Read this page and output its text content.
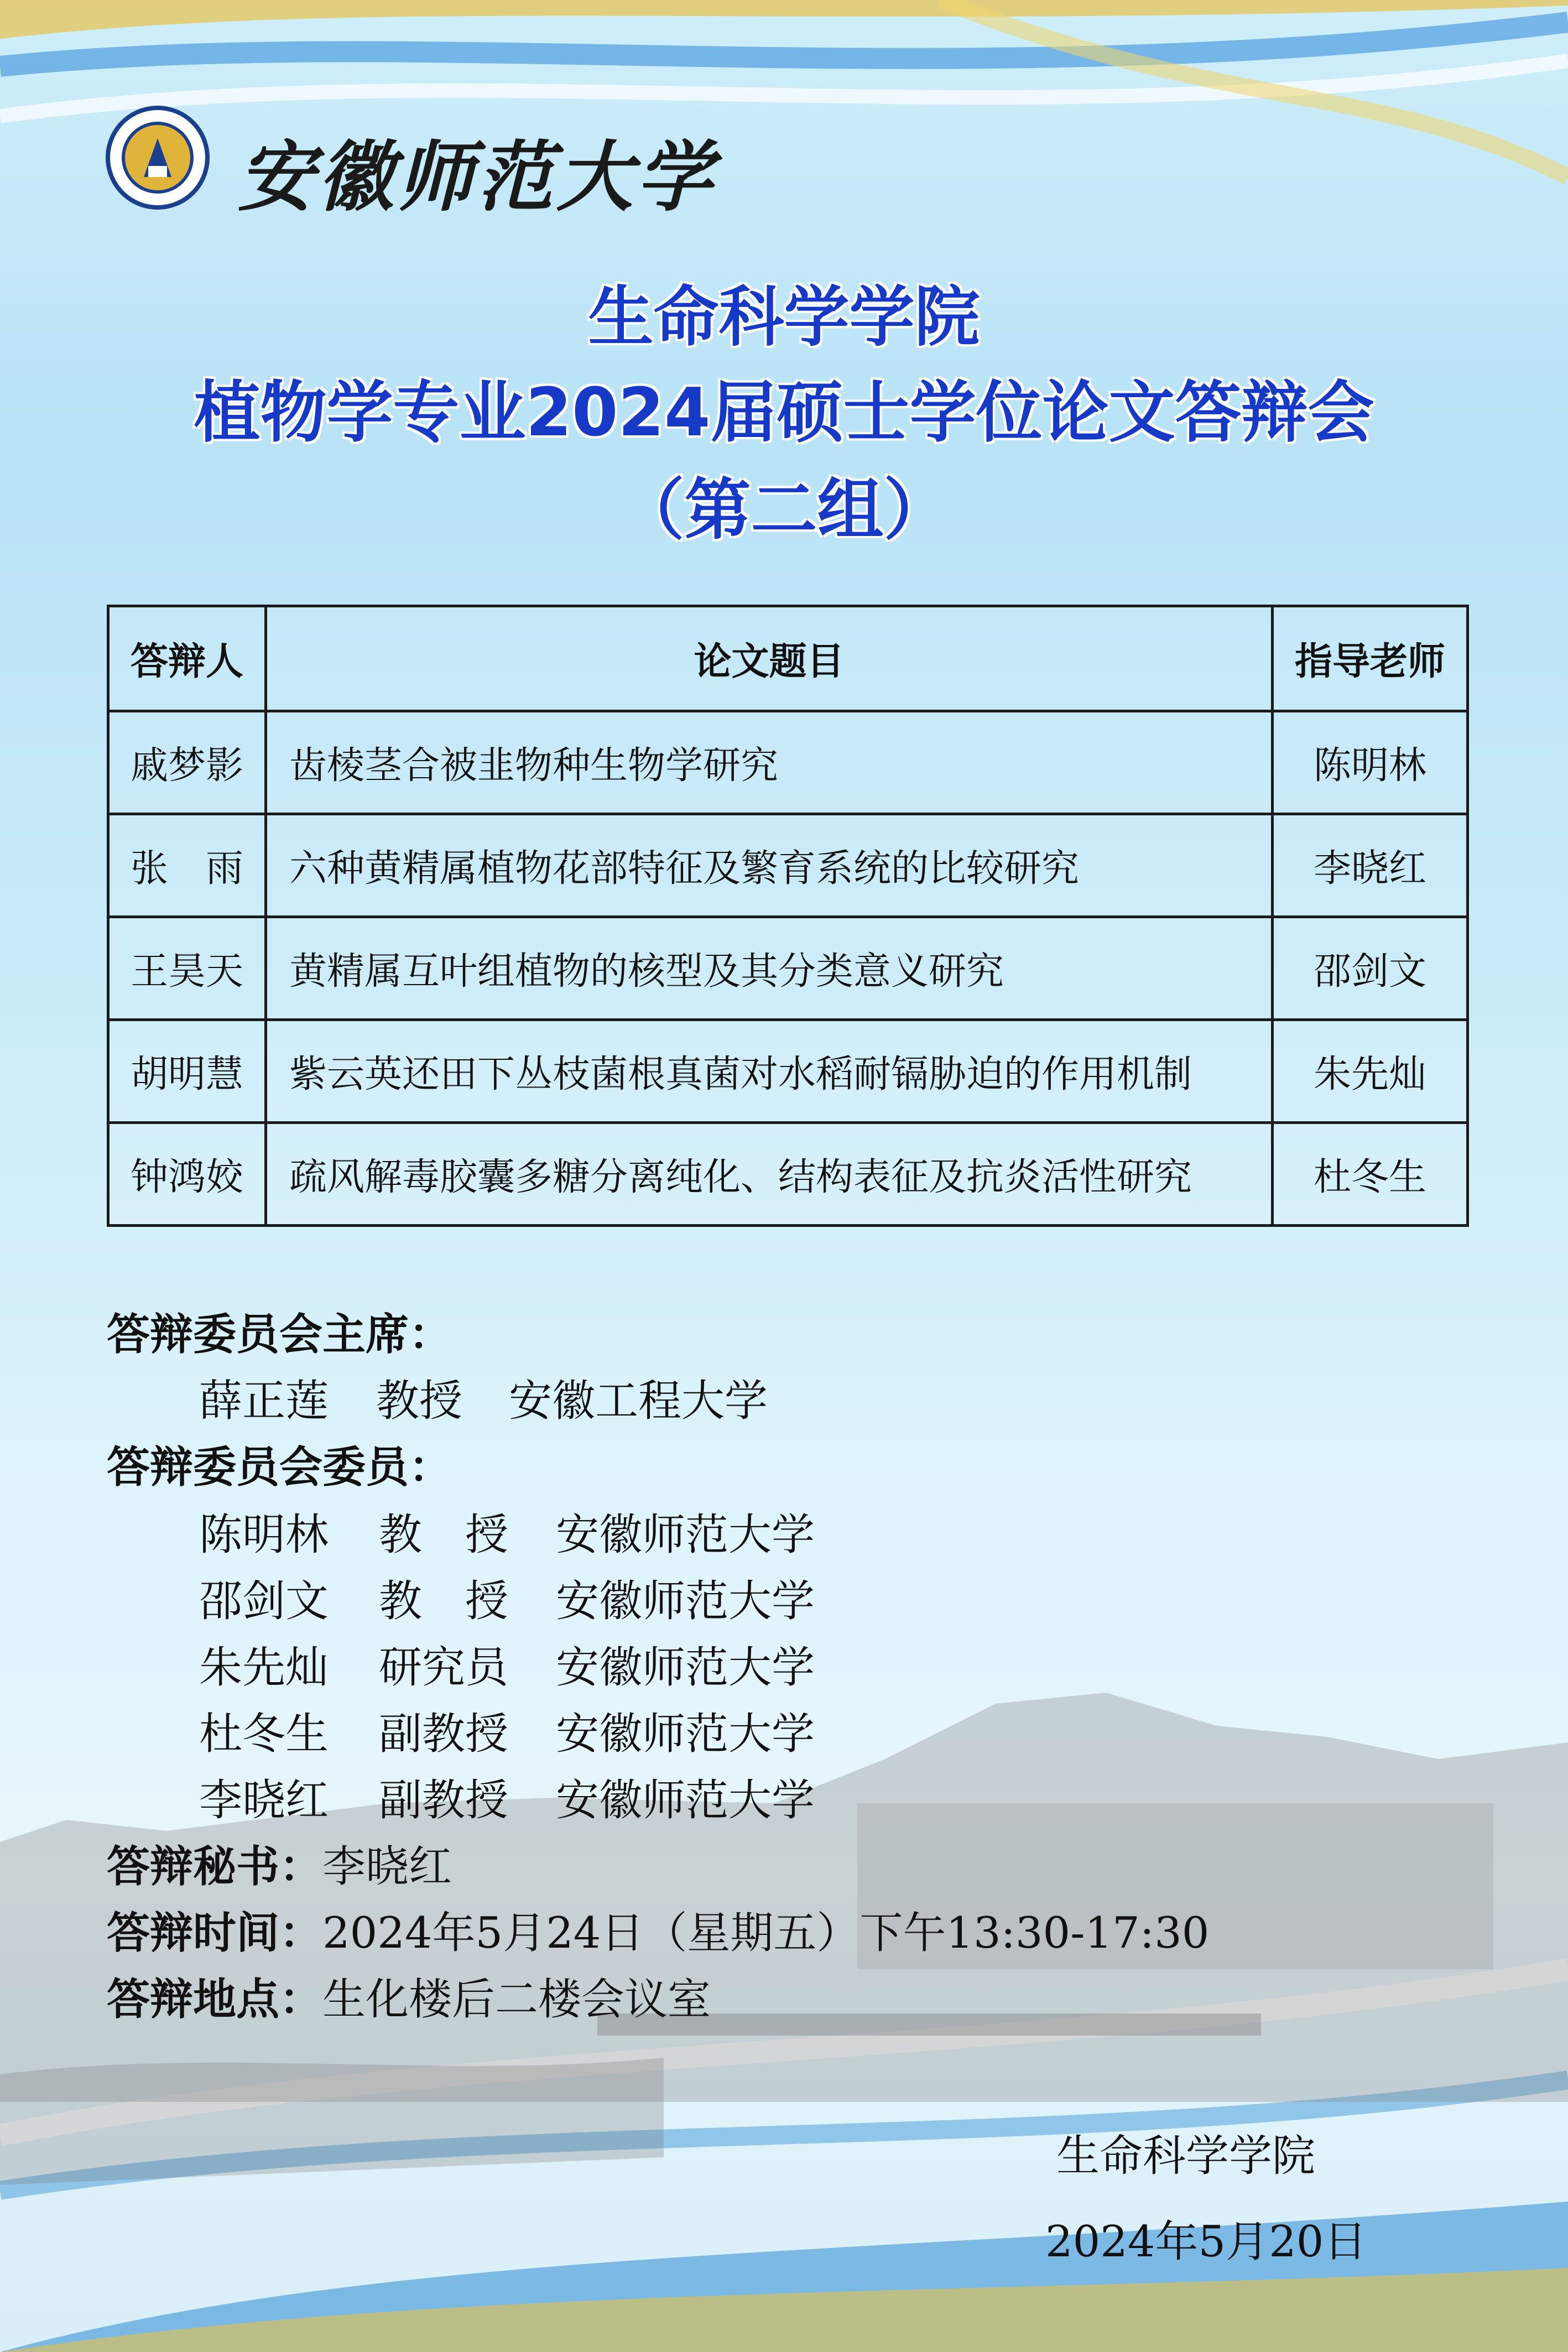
安徽师范大学
生命科学学院
植物学专业2024届硕士学位论文答辩会
（第二组）
答辩人	论文题目	指导老师
戚梦影	齿棱茎合被韭物种生物学研究	陈明林
张　雨	六种黄精属植物花部特征及繁育系统的比较研究	李晓红
王昊天	黄精属互叶组植物的核型及其分类意义研究	邵剑文
胡明慧	紫云英还田下丛枝菌根真菌对水稻耐镉胁迫的作用机制	朱先灿
钟鸿姣	疏风解毒胶囊多糖分离纯化、结构表征及抗炎活性研究	杜冬生
答辩委员会主席：
薛正莲 教授 安徽工程大学
答辩委员会委员：
陈明林 教　授 安徽师范大学
邵剑文 教　授 安徽师范大学
朱先灿 研究员 安徽师范大学
杜冬生 副教授 安徽师范大学
李晓红 副教授 安徽师范大学
答辩秘书：李晓红
答辩时间：2024年5月24日（星期五）下午13:30-17:30
答辩地点：生化楼后二楼会议室
生命科学学院
2024年5月20日
